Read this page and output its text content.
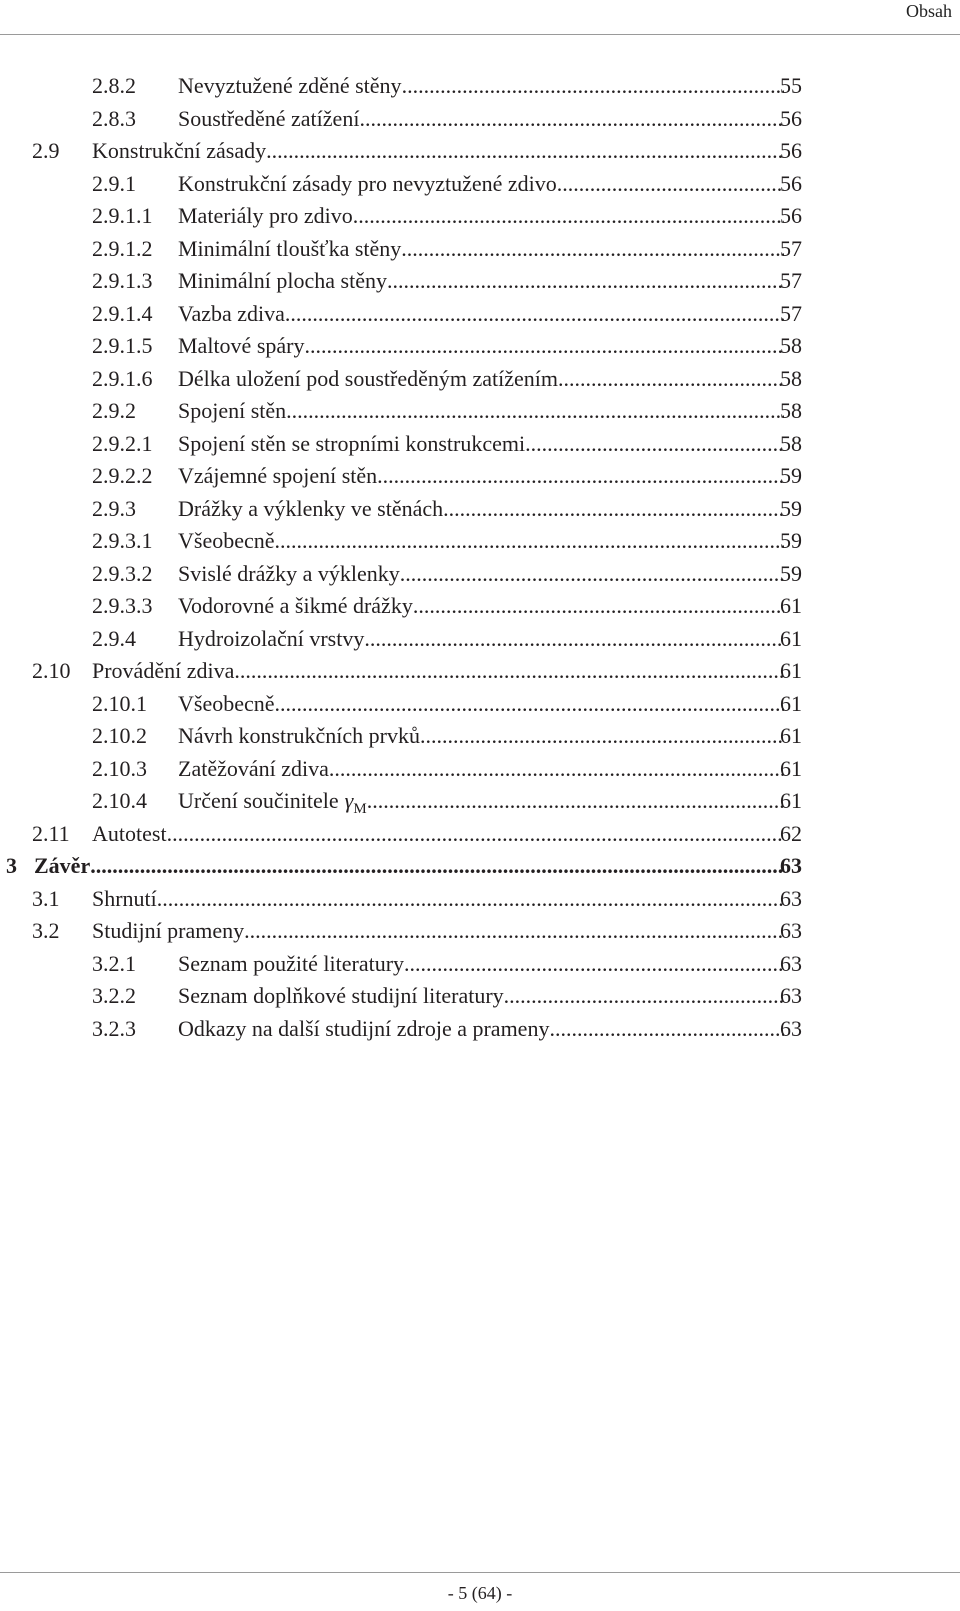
Obsah
2.8.2 Nevyztužené zděné stěny .....	55
2.8.3 Soustředěné zatížení .....	56
2.9 Konstrukční zásady .....	56
2.9.1 Konstrukční zásady pro nevyztužené zdivo .....	56
2.9.1.1 Materiály pro zdivo .....	56
2.9.1.2 Minimální tloušťka stěny .....	57
2.9.1.3 Minimální plocha stěny .....	57
2.9.1.4 Vazba zdiva .....	57
2.9.1.5 Maltové spáry .....	58
2.9.1.6 Délka uložení pod soustředěným zatížením .....	58
2.9.2 Spojení stěn .....	58
2.9.2.1 Spojení stěn se stropními konstrukcemi .....	58
2.9.2.2 Vzájemné spojení stěn .....	59
2.9.3 Drážky a výklenky ve stěnách .....	59
2.9.3.1 Všeobecně .....	59
2.9.3.2 Svislé drážky a výklenky .....	59
2.9.3.3 Vodorovné a šikmé drážky .....	61
2.9.4 Hydroizolační vrstvy .....	61
2.10 Provádění zdiva .....	61
2.10.1 Všeobecně .....	61
2.10.2 Návrh konstrukčních prvků .....	61
2.10.3 Zatěžování zdiva .....	61
2.10.4 Určení součinitele $\gamma_M$ .....	61
2.11 Autotest .....	62
3 Závěr .....	63
3.1 Shrnutí .....	63
3.2 Studijní prameny .....	63
3.2.1 Seznam použité literatury .....	63
3.2.2 Seznam doplňkové studijní literatury .....	63
3.2.3 Odkazy na další studijní zdroje a prameny .....	63
- 5 (64) -
